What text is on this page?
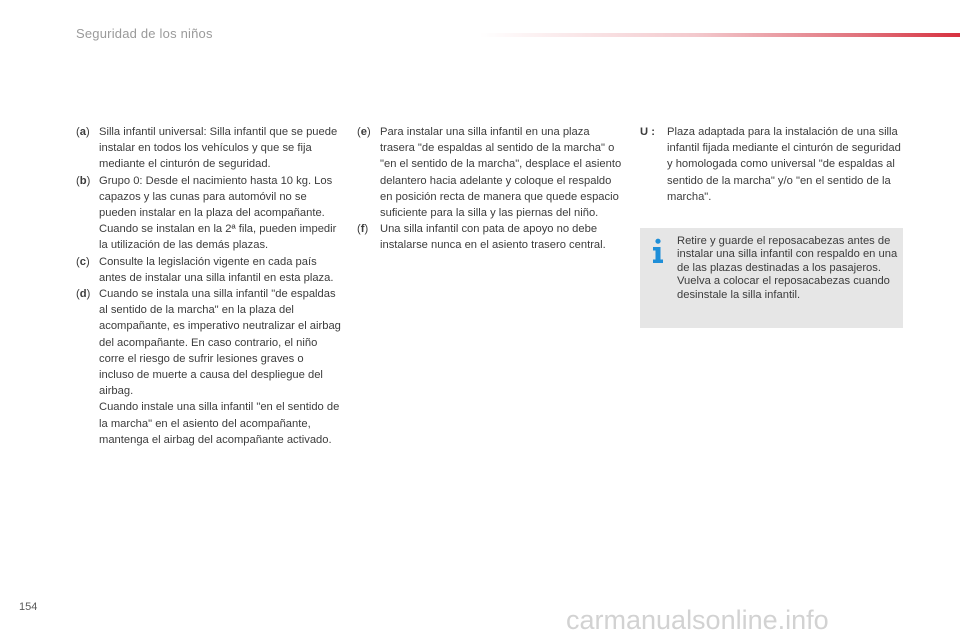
Seguridad de los niños
(a) Silla infantil universal: Silla infantil que se puede instalar en todos los vehículos y que se fija mediante el cinturón de seguridad.

(b) Grupo 0: Desde el nacimiento hasta 10 kg. Los capazos y las cunas para automóvil no se pueden instalar en la plaza del acompañante.

Cuando se instalan en la 2ª fila, pueden impedir la utilización de las demás plazas.

(c) Consulte la legislación vigente en cada país antes de instalar una silla infantil en esta plaza.

(d) Cuando se instala una silla infantil "de espaldas al sentido de la marcha" en la plaza del acompañante, es imperativo neutralizar el airbag del acompañante. En caso contrario, el niño corre el riesgo de sufrir lesiones graves o incluso de muerte a causa del despliegue del airbag.

Cuando instale una silla infantil "en el sentido de la marcha" en el asiento del acompañante, mantenga el airbag del acompañante activado.

(e) Para instalar una silla infantil en una plaza trasera "de espaldas al sentido de la marcha" o "en el sentido de la marcha", desplace el asiento delantero hacia adelante y coloque el respaldo en posición recta de manera que quede espacio suficiente para la silla y las piernas del niño.

(f)	Una silla infantil con pata de apoyo no debe instalarse nunca en el asiento trasero central.

U :	Plaza adaptada para la instalación de una silla infantil fijada mediante el cinturón de seguridad y homologada como universal "de espaldas al sentido de la marcha" y/o "en el sentido de la marcha".
Retire y guarde el reposacabezas antes de instalar una silla infantil con respaldo en una de las plazas destinadas a los pasajeros. Vuelva a colocar el reposacabezas cuando desinstale la silla infantil.
154	carmanualsonline.info
